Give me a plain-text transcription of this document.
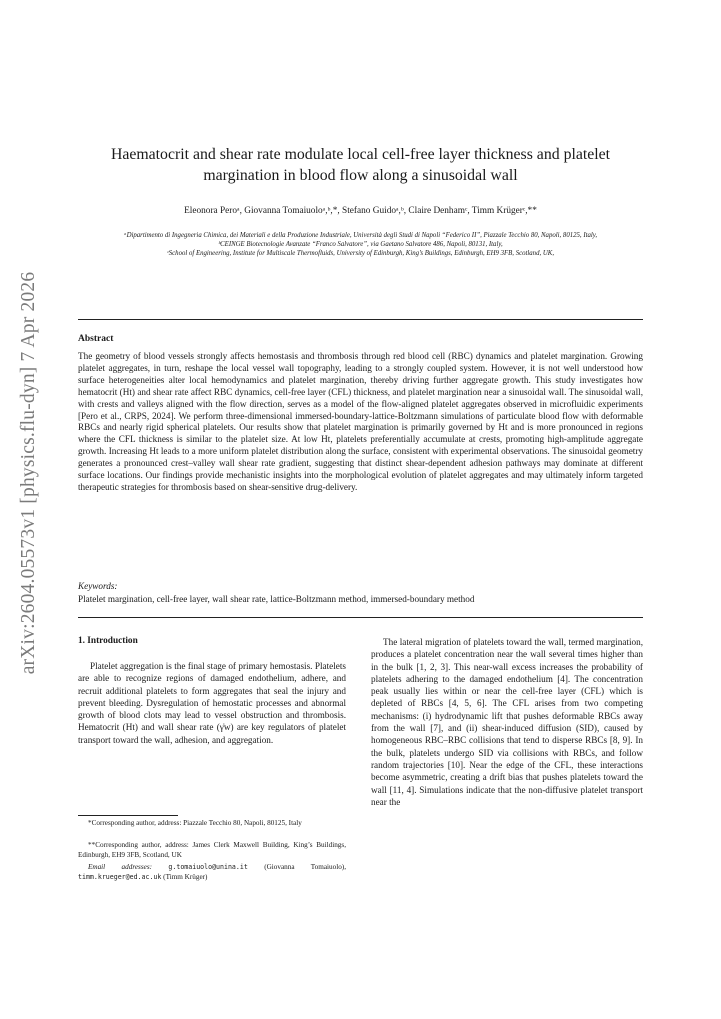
arXiv:2604.05573v1 [physics.flu-dyn] 7 Apr 2026
Haematocrit and shear rate modulate local cell-free layer thickness and platelet
margination in blood flow along a sinusoidal wall
Eleonora Peroᵃ, Giovanna Tomaiuoloᵃ,ᵇ,*, Stefano Guidoᵃ,ᵇ, Claire Denhamᶜ, Timm Krügerᶜ,**
ᵃDipartimento di Ingegneria Chimica, dei Materiali e della Produzione Industriale, Università degli Studi di Napoli “Federico II”, Piazzale Tecchio 80, Napoli, 80125, Italy,
ᵇCEINGE Biotecnologie Avanzate “Franco Salvatore”, via Gaetano Salvatore 486, Napoli, 80131, Italy,
ᶜSchool of Engineering, Institute for Multiscale Thermofluids, University of Edinburgh, King’s Buildings, Edinburgh, EH9 3FB, Scotland, UK,
Abstract

The geometry of blood vessels strongly affects hemostasis and thrombosis through red blood cell (RBC) dynamics and platelet margination. Growing platelet aggregates, in turn, reshape the local vessel wall topography, leading to a strongly coupled system. However, it is not well understood how surface heterogeneities alter local hemodynamics and platelet margination, thereby driving further aggregate growth. This study investigates how hematocrit (Ht) and shear rate affect RBC dynamics, cell-free layer (CFL) thickness, and platelet margination near a sinusoidal wall. The sinusoidal wall, with crests and valleys aligned with the flow direction, serves as a model of the flow-aligned platelet aggregates observed in microfluidic experiments [Pero et al., CRPS, 2024]. We perform three-dimensional immersed-boundary-lattice-Boltzmann simulations of particulate blood flow with deformable RBCs and nearly rigid spherical platelets. Our results show that platelet margination is primarily governed by Ht and is more pronounced in regions where the CFL thickness is similar to the platelet size. At low Ht, platelets preferentially accumulate at crests, promoting high-amplitude aggregate growth. Increasing Ht leads to a more uniform platelet distribution along the surface, consistent with experimental observations. The sinusoidal geometry generates a pronounced crest–valley wall shear rate gradient, suggesting that distinct shear-dependent adhesion pathways may dominate at different surface locations. Our findings provide mechanistic insights into the morphological evolution of platelet aggregates and may ultimately inform targeted therapeutic strategies for thrombosis based on shear-sensitive drug-delivery.

Keywords:
Platelet margination, cell-free layer, wall shear rate, lattice-Boltzmann method, immersed-boundary method
1. Introduction

Platelet aggregation is the final stage of primary hemostasis. Platelets are able to recognize regions of damaged endothelium, adhere, and recruit additional platelets to form aggregates that seal the injury and prevent bleeding. Dysregulation of hemostatic processes and abnormal growth of blood clots may lead to vessel obstruction and thrombosis. Hematocrit (Ht) and wall shear rate (γ̇w) are key regulators of platelet transport toward the wall, adhesion, and aggregation.

The lateral migration of platelets toward the wall, termed margination, produces a platelet concentration near the wall several times higher than in the bulk [1, 2, 3]. This near-wall excess increases the probability of platelets adhering to the damaged endothelium [4]. The concentration peak usually lies within or near the cell-free layer (CFL) which is depleted of RBCs [4, 5, 6]. The CFL arises from two competing mechanisms: (i) hydrodynamic lift that pushes deformable RBCs away from the wall [7], and (ii) shear-induced diffusion (SID), caused by homogeneous RBC–RBC collisions that tend to disperse RBCs [8, 9]. In the bulk, platelets undergo SID via collisions with RBCs, and follow random trajectories [10]. Near the edge of the CFL, these interactions become asymmetric, creating a drift bias that pushes platelets toward the wall [11, 4]. Simulations indicate that the non-diffusive platelet transport near the

*Corresponding author, address: Piazzale Tecchio 80, Napoli, 80125, Italy

**Corresponding author, address: James Clerk Maxwell Building, King’s Buildings, Edinburgh, EH9 3FB, Scotland, UK

Email addresses: g.tomaiuolo@unina.it (Giovanna Tomaiuolo), timm.krueger@ed.ac.uk (Timm Krüger)
